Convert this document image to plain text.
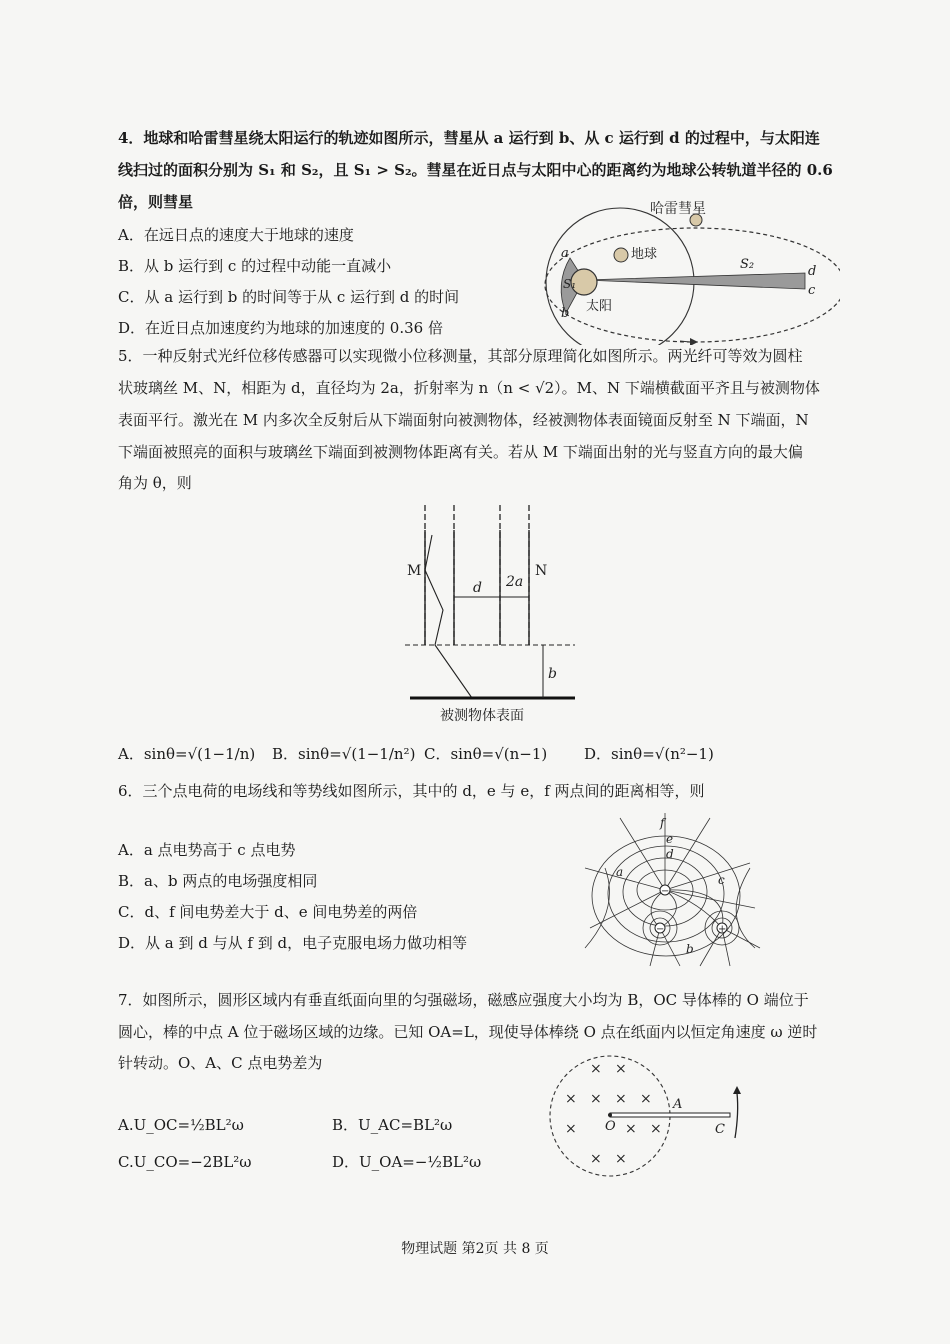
4．地球和哈雷彗星绕太阳运行的轨迹如图所示，彗星从 a 运行到 b、从 c 运行到 d 的过程中，与太阳连
线扫过的面积分别为 S₁ 和 S₂，且 S₁ > S₂。彗星在近日点与太阳中心的距离约为地球公转轨道半径的 0.6
倍，则彗星
A．在远日点的速度大于地球的速度
B．从 b 运行到 c 的过程中动能一直减小
C．从 a 运行到 b 的时间等于从 c 运行到 d 的时间
D．在近日点加速度约为地球的加速度的 0.36 倍
哈雷彗星
地球
太阳
S₁
S₂
a
b
c
d
5．一种反射式光纤位移传感器可以实现微小位移测量，其部分原理简化如图所示。两光纤可等效为圆柱
状玻璃丝 M、N，相距为 d，直径均为 2a，折射率为 n（n < √2）。M、N 下端横截面平齐且与被测物体
表面平行。激光在 M 内多次全反射后从下端面射向被测物体，经被测物体表面镜面反射至 N 下端面，N
下端面被照亮的面积与玻璃丝下端面到被测物体距离有关。若从 M 下端面出射的光与竖直方向的最大偏
角为 θ，则
M	N
d 2a
b
被测物体表面
A．sinθ=√(1−1/n) B．sinθ=√(1−1/n²) C．sinθ=√(n−1) D．sinθ=√(n²−1)
6．三个点电荷的电场线和等势线如图所示，其中的 d，e 与 e，f 两点间的距离相等，则
A．a 点电势高于 c 点电势
B．a、b 两点的电场强度相同
C．d、f 间电势差大于 d、e 间电势差的两倍
D．从 a 到 d 与从 f 到 d，电子克服电场力做功相等
−
−	+
a
b
c
d
e
f
7．如图所示，圆形区域内有垂直纸面向里的匀强磁场，磁感应强度大小均为 B，OC 导体棒的 O 端位于
圆心，棒的中点 A 位于磁场区域的边缘。已知 OA=L，现使导体棒绕 O 点在纸面内以恒定角速度 ω 逆时
针转动。O、A、C 点电势差为
A.U_OC=½BL²ω	B．U_AC=BL²ω
C.U_CO=−2BL²ω	D．U_OA=−½BL²ω
× ×
× × × ×
×	× ×
× ×
O
A
C
物理试题 第2页 共 8 页
